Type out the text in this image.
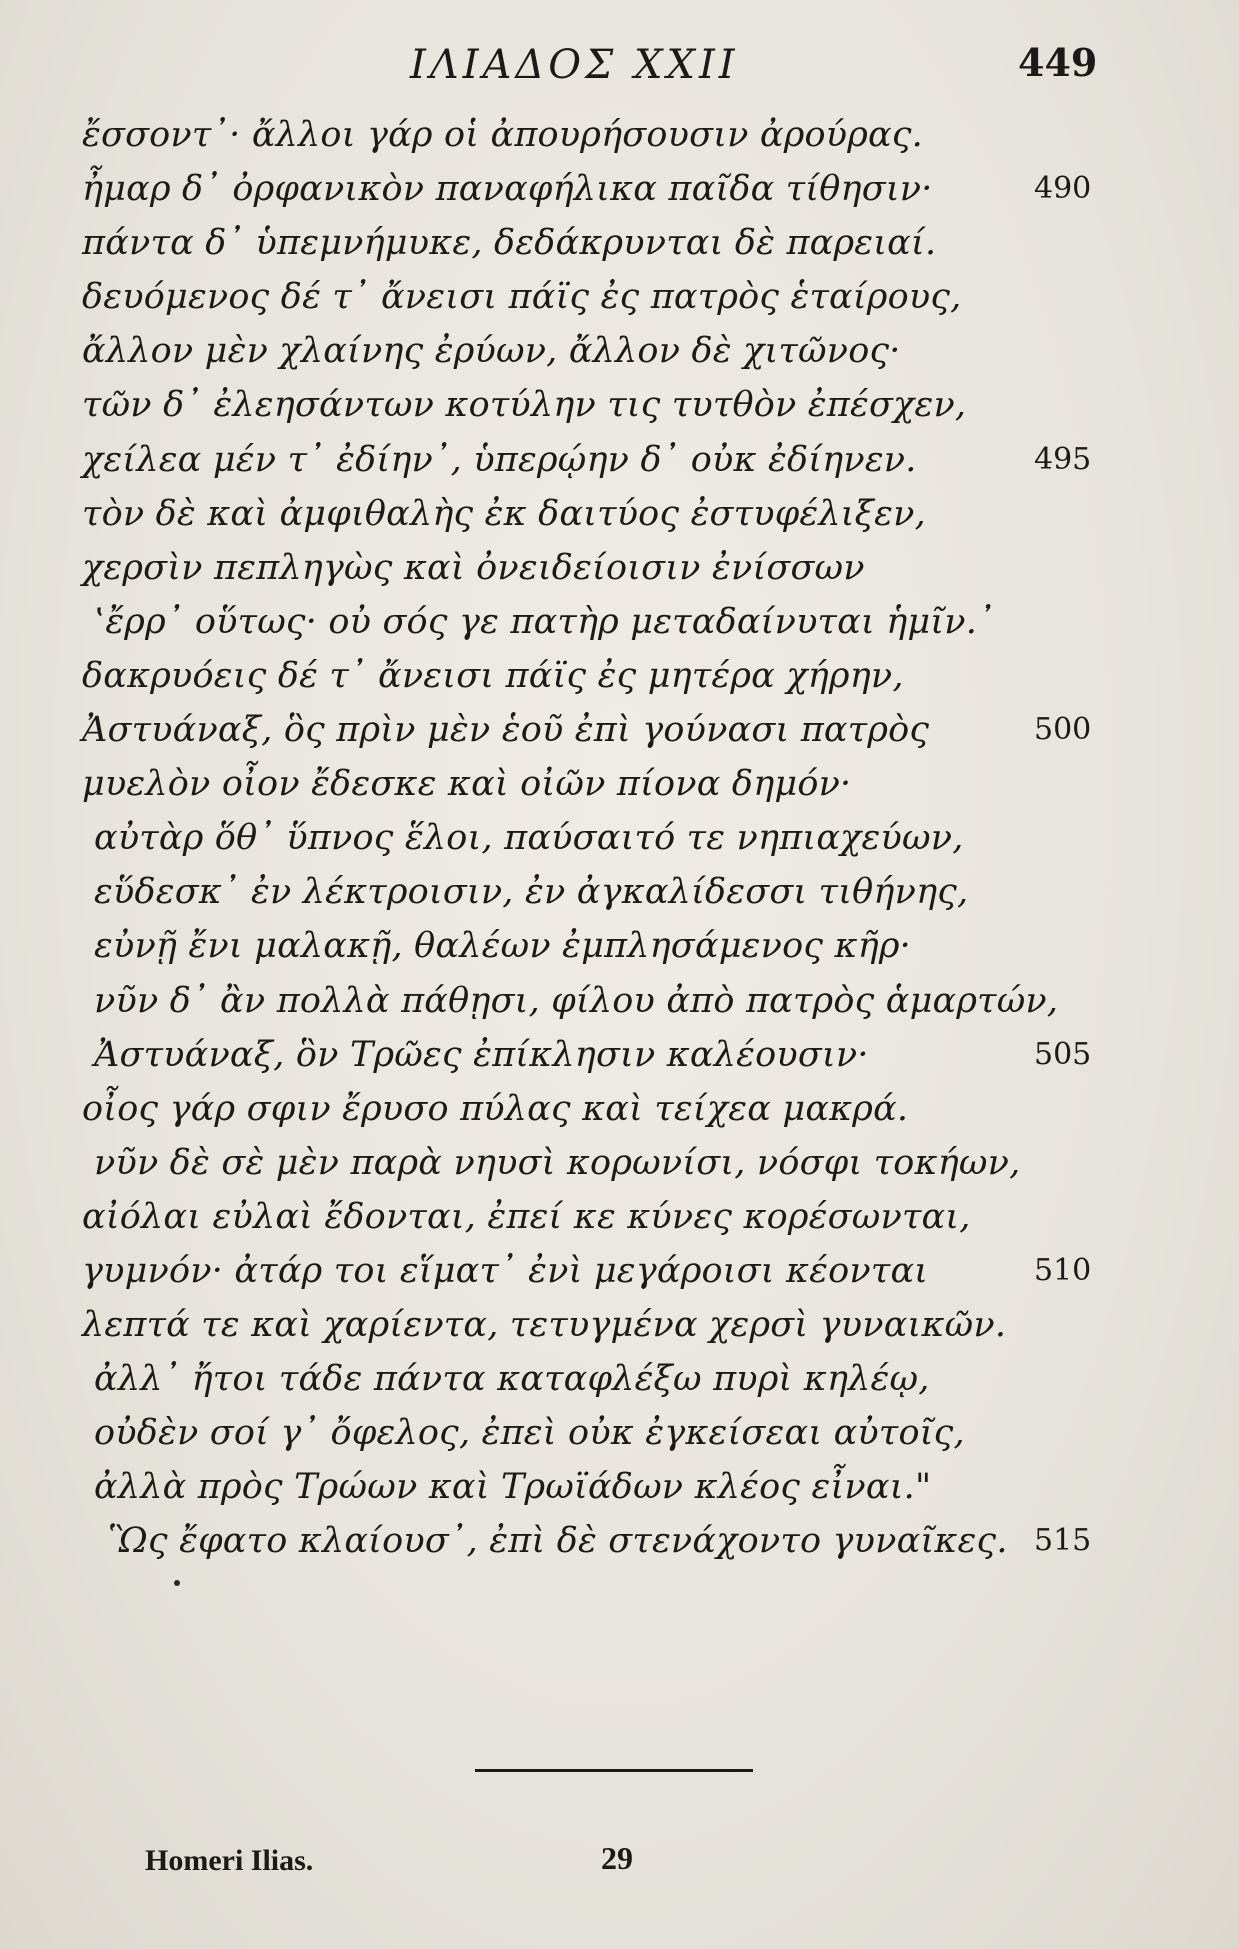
ΙΛΙΑΔΟΣ XXII	449
ἔσσοντ᾽· ἄλλοι γάρ οἱ ἀπουρήσουσιν ἀρούρας.
ἦμαρ δ᾽ ὀρφανικὸν παναφήλικα παῖδα τίθησιν·	490
πάντα δ᾽ ὑπεμνήμυκε, δεδάκρυνται δὲ παρειαί.
δευόμενος δέ τ᾽ ἄνεισι πάϊς ἐς πατρὸς ἑταίρους,
ἄλλον μὲν χλαίνης ἐρύων, ἄλλον δὲ χιτῶνος·
τῶν δ᾽ ἐλεησάντων κοτύλην τις τυτθὸν ἐπέσχεν,
χείλεα μέν τ᾽ ἐδίην᾽, ὑπερῴην δ᾽ οὐκ ἐδίηνεν.	495
τὸν δὲ καὶ ἀμφιθαλὴς ἐκ δαιτύος ἐστυφέλιξεν,
χερσὶν πεπληγὼς καὶ ὀνειδείοισιν ἐνίσσων
‛ἔρρ᾽ οὕτως· οὐ σός γε πατὴρ μεταδαίνυται ἡμῖν.᾽
δακρυόεις δέ τ᾽ ἄνεισι πάϊς ἐς μητέρα χήρην,
Ἀστυάναξ, ὃς πρὶν μὲν ἑοῦ ἐπὶ γούνασι πατρὸς	500
μυελὸν οἶον ἔδεσκε καὶ οἰῶν πίονα δημόν·
αὐτὰρ ὅθ᾽ ὕπνος ἕλοι, παύσαιτό τε νηπιαχεύων,
εὕδεσκ᾽ ἐν λέκτροισιν, ἐν ἀγκαλίδεσσι τιθήνης,
εὐνῇ ἔνι μαλακῇ, θαλέων ἐμπλησάμενος κῆρ·
νῦν δ᾽ ἂν πολλὰ πάθῃσι, φίλου ἀπὸ πατρὸς ἁμαρτών,
Ἀστυάναξ, ὃν Τρῶες ἐπίκλησιν καλέουσιν·	505
οἶος γάρ σφιν ἔρυσο πύλας καὶ τείχεα μακρά.
νῦν δὲ σὲ μὲν παρὰ νηυσὶ κορωνίσι, νόσφι τοκήων,
αἰόλαι εὐλαὶ ἔδονται, ἐπεί κε κύνες κορέσωνται,
γυμνόν· ἀτάρ τοι εἵματ᾽ ἐνὶ μεγάροισι κέονται	510
λεπτά τε καὶ χαρίεντα, τετυγμένα χερσὶ γυναικῶν.
ἀλλ᾽ ἤτοι τάδε πάντα καταφλέξω πυρὶ κηλέῳ,
οὐδὲν σοί γ᾽ ὄφελος, ἐπεὶ οὐκ ἐγκείσεαι αὐτοῖς,
ἀλλὰ πρὸς Τρώων καὶ Τρωϊάδων κλέος εἶναι."
Ὣς ἔφατο κλαίουσ᾽, ἐπὶ δὲ στενάχοντο γυναῖκες. 515
Homeri Ilias.	29
